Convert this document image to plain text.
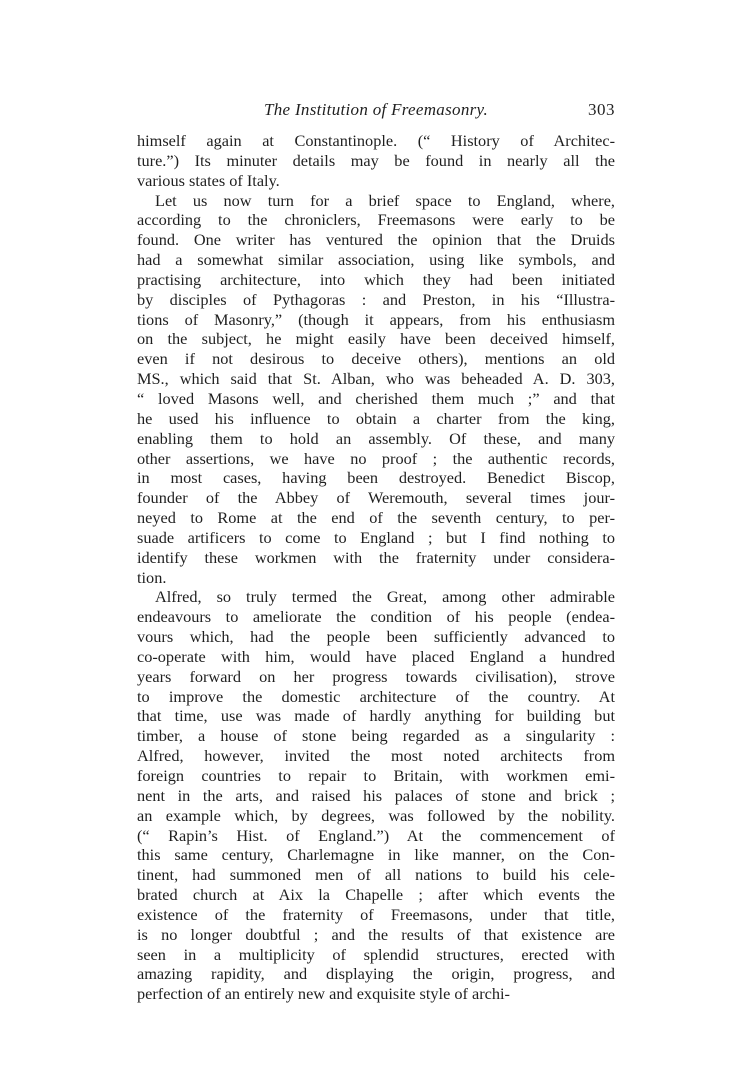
The Institution of Freemasonry.	303
himself again at Constantinople. (“ History of Architec-
ture.”) Its minuter details may be found in nearly all the
various states of Italy.
Let us now turn for a brief space to England, where,
according to the chroniclers, Freemasons were early to be
found. One writer has ventured the opinion that the Druids
had a somewhat similar association, using like symbols, and
practising architecture, into which they had been initiated
by disciples of Pythagoras : and Preston, in his “Illustra-
tions of Masonry,” (though it appears, from his enthusiasm
on the subject, he might easily have been deceived himself,
even if not desirous to deceive others), mentions an old
MS., which said that St. Alban, who was beheaded A. D. 303,
“ loved Masons well, and cherished them much ;” and that
he used his influence to obtain a charter from the king,
enabling them to hold an assembly. Of these, and many
other assertions, we have no proof ; the authentic records,
in most cases, having been destroyed. Benedict Biscop,
founder of the Abbey of Weremouth, several times jour-
neyed to Rome at the end of the seventh century, to per-
suade artificers to come to England ; but I find nothing to
identify these workmen with the fraternity under considera-
tion.
Alfred, so truly termed the Great, among other admirable
endeavours to ameliorate the condition of his people (endea-
vours which, had the people been sufficiently advanced to
co-operate with him, would have placed England a hundred
years forward on her progress towards civilisation), strove
to improve the domestic architecture of the country. At
that time, use was made of hardly anything for building but
timber, a house of stone being regarded as a singularity :
Alfred, however, invited the most noted architects from
foreign countries to repair to Britain, with workmen emi-
nent in the arts, and raised his palaces of stone and brick ;
an example which, by degrees, was followed by the nobility.
(“ Rapin’s Hist. of England.”) At the commencement of
this same century, Charlemagne in like manner, on the Con-
tinent, had summoned men of all nations to build his cele-
brated church at Aix la Chapelle ; after which events the
existence of the fraternity of Freemasons, under that title,
is no longer doubtful ; and the results of that existence are
seen in a multiplicity of splendid structures, erected with
amazing rapidity, and displaying the origin, progress, and
perfection of an entirely new and exquisite style of archi-
